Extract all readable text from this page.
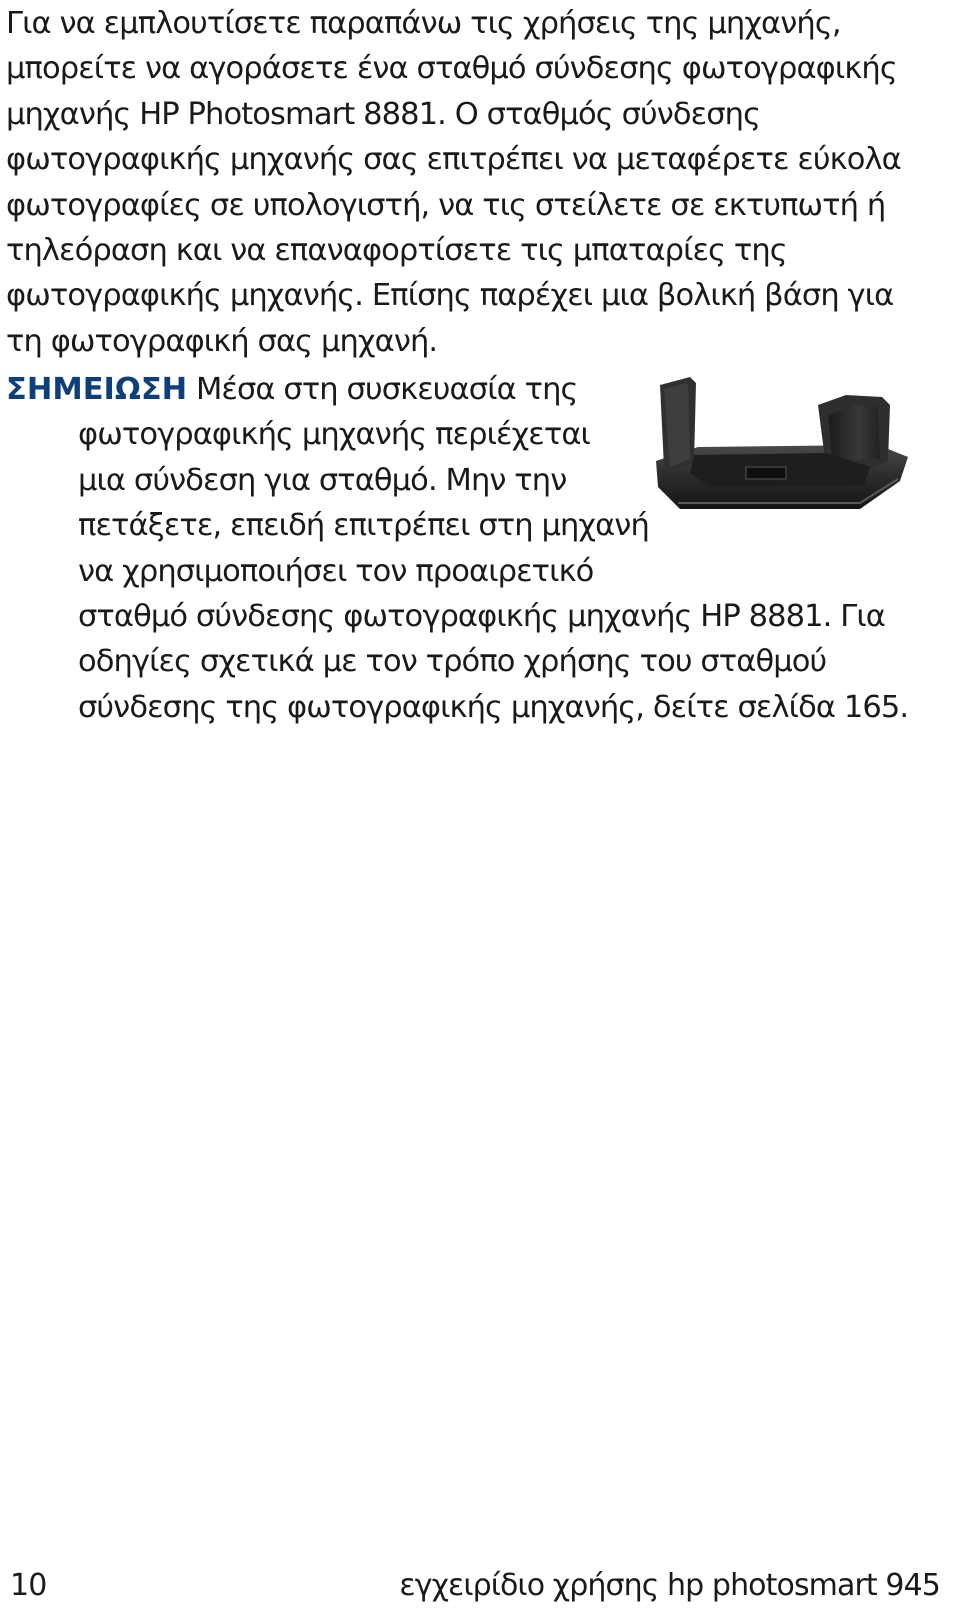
Για να εμπλουτίσετε παραπάνω τις χρήσεις της μηχανής,
μπορείτε να αγοράσετε ένα σταθμό σύνδεσης φωτογραφικής
μηχανής HP Photosmart 8881. Ο σταθμός σύνδεσης
φωτογραφικής μηχανής σας επιτρέπει να μεταφέρετε εύκολα
φωτογραφίες σε υπολογιστή, να τις στείλετε σε εκτυπωτή ή
τηλεόραση και να επαναφορτίσετε τις μπαταρίες της
φωτογραφικής μηχανής. Επίσης παρέχει μια βολική βάση για
τη φωτογραφική σας μηχανή.
ΣΗΜΕΙΩΣΗ Μέσα στη συσκευασία της
φωτογραφικής μηχανής περιέχεται
μια σύνδεση για σταθμό. Μην την
πετάξετε, επειδή επιτρέπει στη μηχανή
να χρησιμοποιήσει τον προαιρετικό
σταθμό σύνδεσης φωτογραφικής μηχανής HP 8881. Για
οδηγίες σχετικά με τον τρόπο χρήσης του σταθμού
σύνδεσης της φωτογραφικής μηχανής, δείτε σελίδα 165.
10	εγχειρίδιο χρήσης hp photosmart 945
